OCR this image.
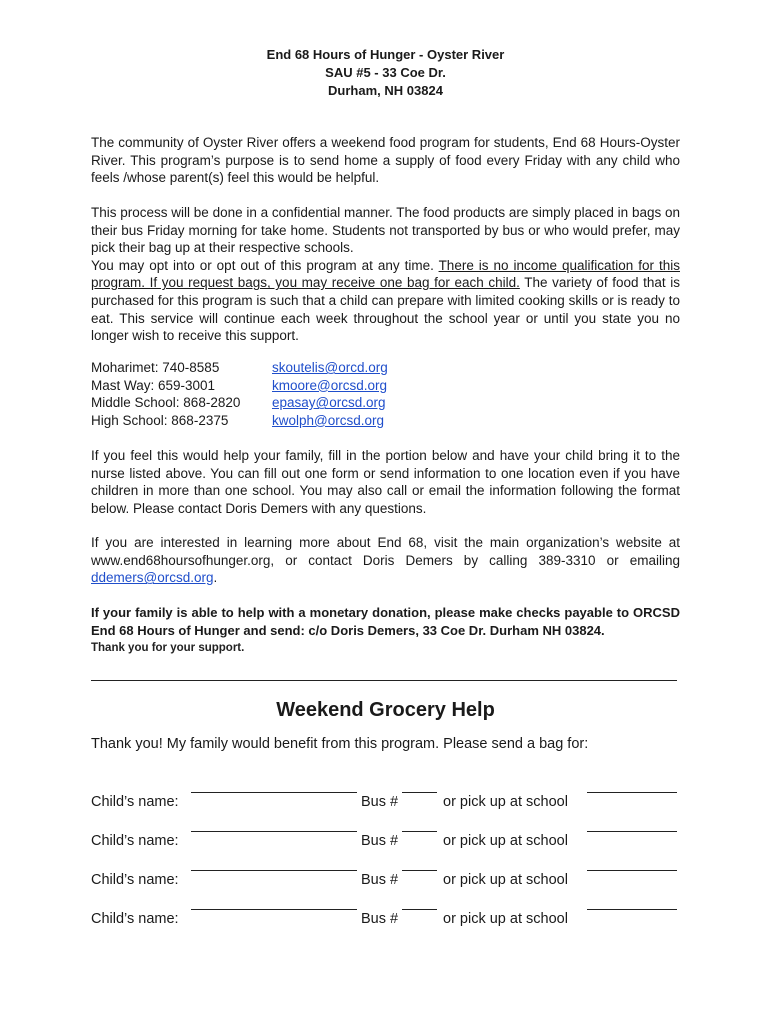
End 68 Hours of Hunger - Oyster River
SAU #5 - 33 Coe Dr.
Durham, NH 03824
The community of Oyster River offers a weekend food program for students, End 68 Hours-Oyster River. This program’s purpose is to send home a supply of food every Friday with any child who feels /whose parent(s) feel this would be helpful.
This process will be done in a confidential manner. The food products are simply placed in bags on their bus Friday morning for take home. Students not transported by bus or who would prefer, may pick their bag up at their respective schools.
You may opt into or opt out of this program at any time. There is no income qualification for this program. If you request bags, you may receive one bag for each child. The variety of food that is purchased for this program is such that a child can prepare with limited cooking skills or is ready to eat. This service will continue each week throughout the school year or until you state you no longer wish to receive this support.
Moharimet: 740-8585	skoutelis@orcd.org
Mast Way: 659-3001	kmoore@orcsd.org
Middle School: 868-2820 epasay@orcsd.org
High School: 868-2375	kwolph@orcsd.org
If you feel this would help your family, fill in the portion below and have your child bring it to the nurse listed above. You can fill out one form or send information to one location even if you have children in more than one school. You may also call or email the information following the format below. Please contact Doris Demers with any questions.
If you are interested in learning more about End 68, visit the main organization’s website at www.end68hoursofhunger.org, or contact Doris Demers by calling 389-3310 or emailing ddemers@orcsd.org.
If your family is able to help with a monetary donation, please make checks payable to ORCSD End 68 Hours of Hunger and send: c/o Doris Demers, 33 Coe Dr. Durham NH 03824.
Thank you for your support.
Weekend Grocery Help
Thank you! My family would benefit from this program. Please send a bag for:
Child’s name:	Bus #	or pick up at school
Child’s name:	Bus #	or pick up at school
Child’s name:	Bus #	or pick up at school
Child’s name:	Bus #	or pick up at school
